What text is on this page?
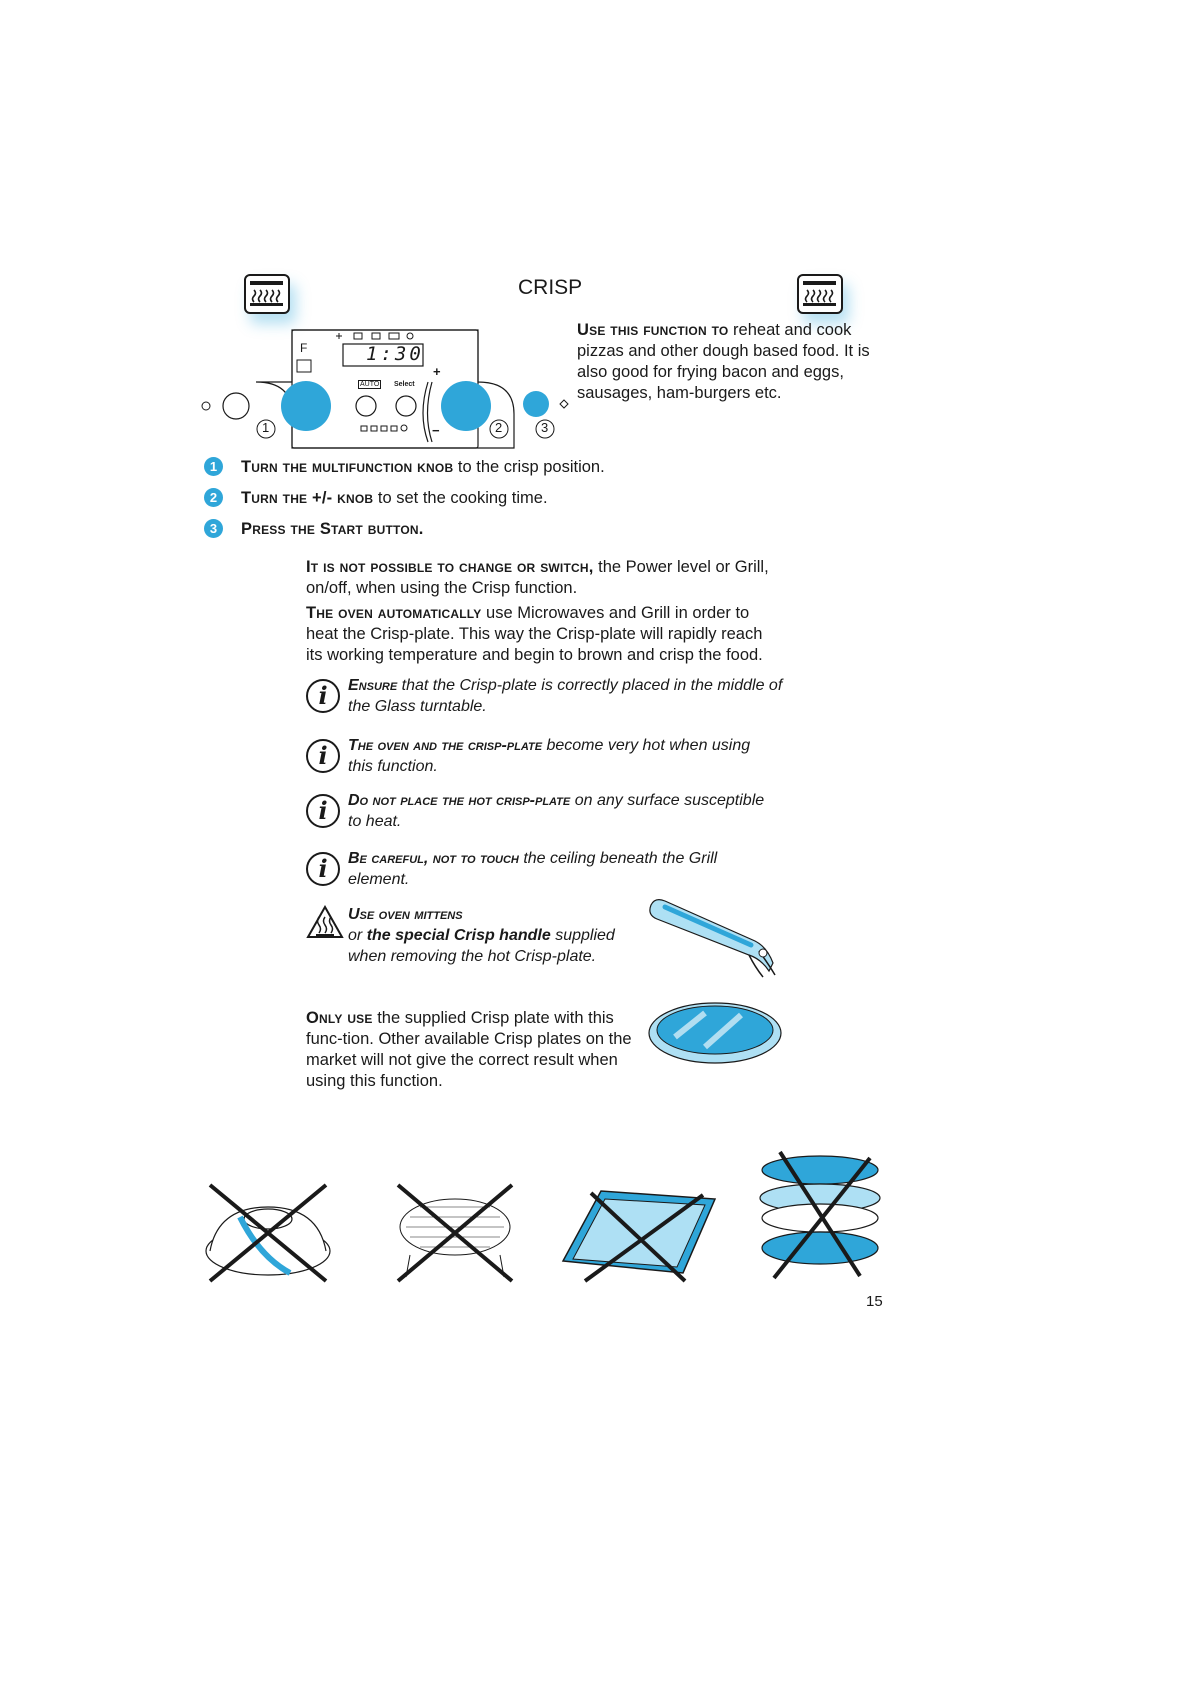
CRISP
Use this function to reheat and cook pizzas and other dough based food. It is also good for frying bacon and eggs, sausages, ham-burgers etc.
F	1:30
AUTO Select
+
−
1	2	3
1	Turn the multifunction knob to the crisp position.
2	Turn the +/- knob to set the cooking time.
3	Press the Start button.
It is not possible to change or switch, the Power level or Grill, on/off, when using the Crisp function.
The oven automatically use Microwaves and Grill in order to heat the Crisp-plate. This way the Crisp-plate will rapidly reach its working temperature and begin to brown and crisp the food.
i	Ensure that the Crisp-plate is correctly placed in the middle of the Glass turntable.
i	The oven and the crisp-plate become very hot when using this function.
i	Do not place the hot crisp-plate on any surface susceptible to heat.
i	Be careful, not to touch the ceiling beneath the Grill element.
Use oven mittens
or the special Crisp handle supplied when removing the hot Crisp-plate.
Only use the supplied Crisp plate with this func-tion. Other available Crisp plates on the market will not give the correct result when using this function.
15
